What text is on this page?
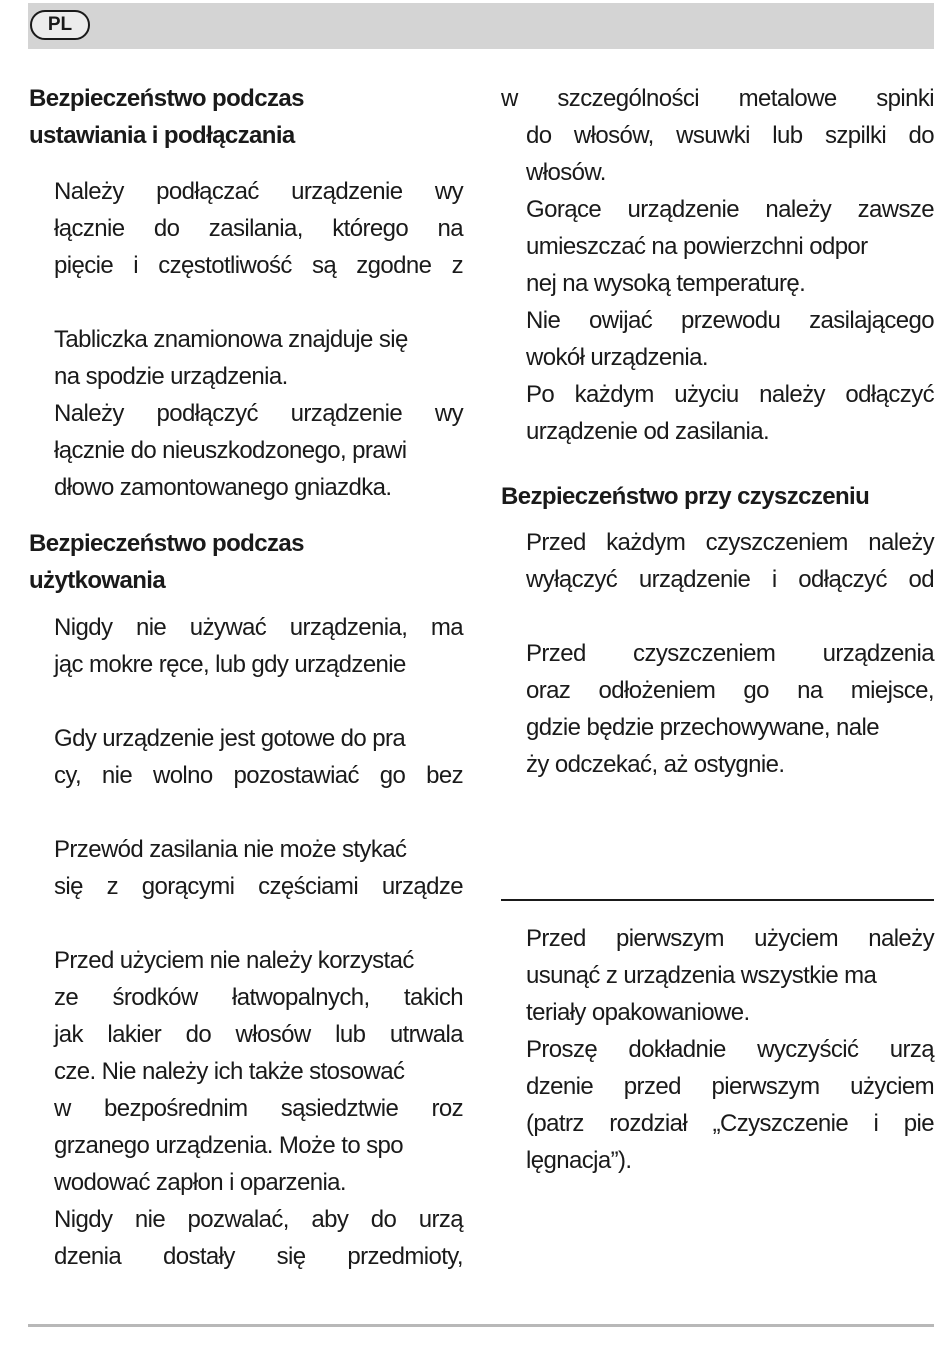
PL
Bezpieczeństwo podczas
ustawiania i podłączania

Należy podłączać urządzenie wy
łącznie do zasilania, którego na
pięcie i częstotliwość są zgodne z

Tabliczka znamionowa znajduje się
na spodzie urządzenia.

Należy podłączyć urządzenie wy
łącznie do nieuszkodzonego, prawi
dłowo zamontowanego gniazdka.

Bezpieczeństwo podczas
użytkowania

Nigdy nie używać urządzenia, ma
jąc mokre ręce, lub gdy urządzenie

Gdy urządzenie jest gotowe do pra
cy, nie wolno pozostawiać go bez

Przewód zasilania nie może stykać
się z gorącymi częściami urządze

Przed użyciem nie należy korzystać
ze środków łatwopalnych, takich
jak lakier do włosów lub utrwala
cze. Nie należy ich także stosować
w bezpośrednim sąsiedztwie roz
grzanego urządzenia. Może to spo
wodować zapłon i oparzenia.

Nigdy nie pozwalać, aby do urzą
dzenia dostały się przedmioty,

w szczególności metalowe spinki
do włosów, wsuwki lub szpilki do
włosów.

Gorące urządzenie należy zawsze
umieszczać na powierzchni odpor
nej na wysoką temperaturę.

Nie owijać przewodu zasilającego
wokół urządzenia.

Po każdym użyciu należy odłączyć
urządzenie od zasilania.

Bezpieczeństwo przy czyszczeniu

Przed każdym czyszczeniem należy
wyłączyć urządzenie i odłączyć od

Przed czyszczeniem urządzenia
oraz odłożeniem go na miejsce,
gdzie będzie przechowywane, nale
ży odczekać, aż ostygnie.

Przed pierwszym użyciem należy
usunąć z urządzenia wszystkie ma
teriały opakowaniowe.

Proszę dokładnie wyczyścić urzą
dzenie przed pierwszym użyciem
(patrz rozdział „Czyszczenie i pie
lęgnacja”).
